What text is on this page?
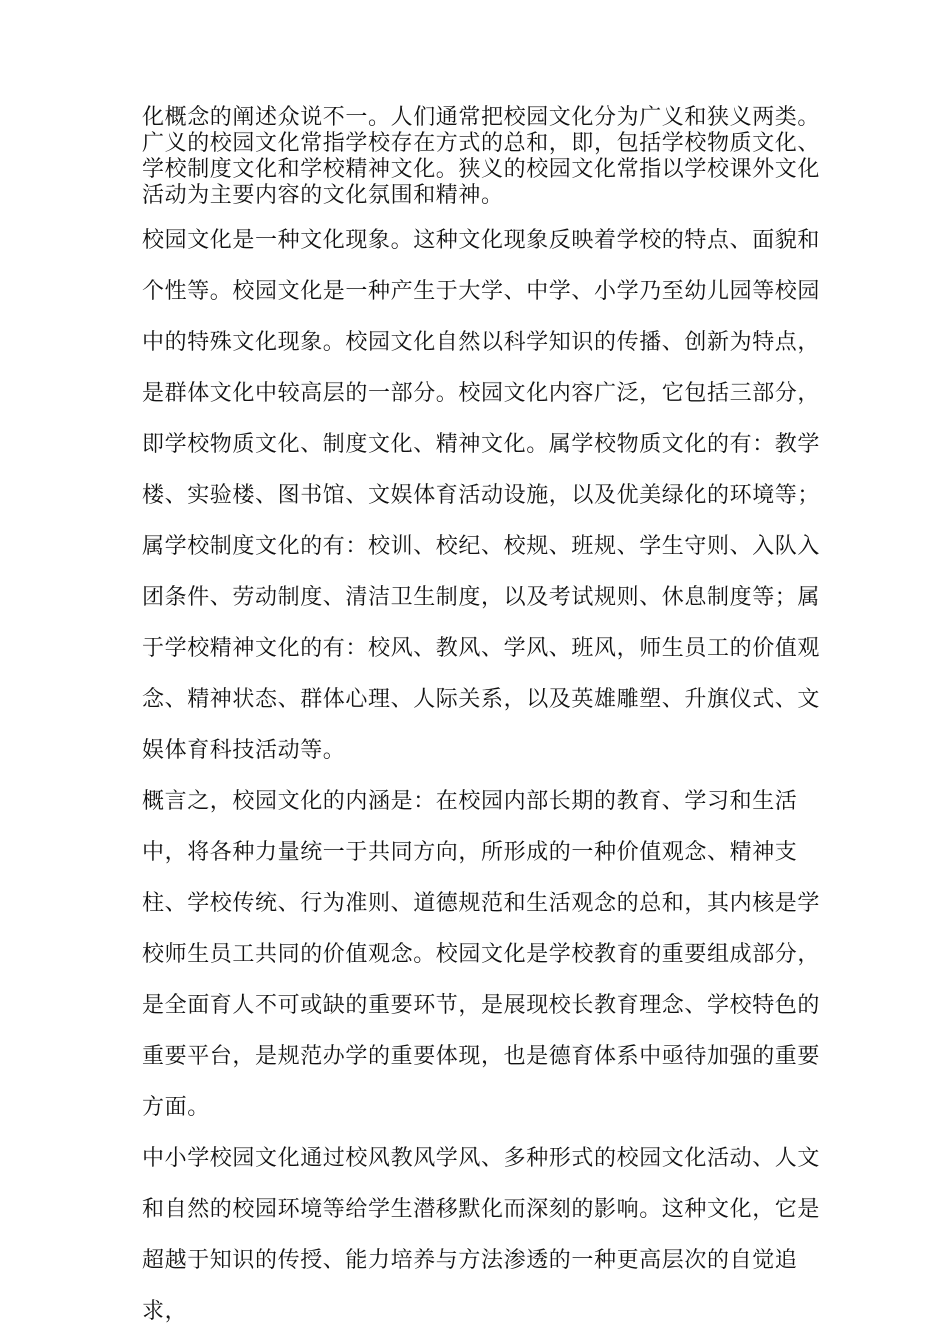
化概念的阐述众说不一。人们通常把校园文化分为广义和狭义两类。广义的校园文化常指学校存在方式的总和，即，包括学校物质文化、学校制度文化和学校精神文化。狭义的校园文化常指以学校课外文化活动为主要内容的文化氛围和精神。

校园文化是一种文化现象。这种文化现象反映着学校的特点、面貌和个性等。校园文化是一种产生于大学、中学、小学乃至幼儿园等校园中的特殊文化现象。校园文化自然以科学知识的传播、创新为特点，是群体文化中较高层的一部分。校园文化内容广泛，它包括三部分，即学校物质文化、制度文化、精神文化。属学校物质文化的有：教学楼、实验楼、图书馆、文娱体育活动设施，以及优美绿化的环境等；属学校制度文化的有：校训、校纪、校规、班规、学生守则、入队入团条件、劳动制度、清洁卫生制度，以及考试规则、休息制度等；属于学校精神文化的有：校风、教风、学风、班风，师生员工的价值观念、精神状态、群体心理、人际关系，以及英雄雕塑、升旗仪式、文娱体育科技活动等。

概言之，校园文化的内涵是：在校园内部长期的教育、学习和生活中，将各种力量统一于共同方向，所形成的一种价值观念、精神支柱、学校传统、行为准则、道德规范和生活观念的总和，其内核是学校师生员工共同的价值观念。校园文化是学校教育的重要组成部分，是全面育人不可或缺的重要环节，是展现校长教育理念、学校特色的重要平台，是规范办学的重要体现，也是德育体系中亟待加强的重要方面。

中小学校园文化通过校风教风学风、多种形式的校园文化活动、人文和自然的校园环境等给学生潜移默化而深刻的影响。这种文化，它是超越于知识的传授、能力培养与方法渗透的一种更高层次的自觉追求，
